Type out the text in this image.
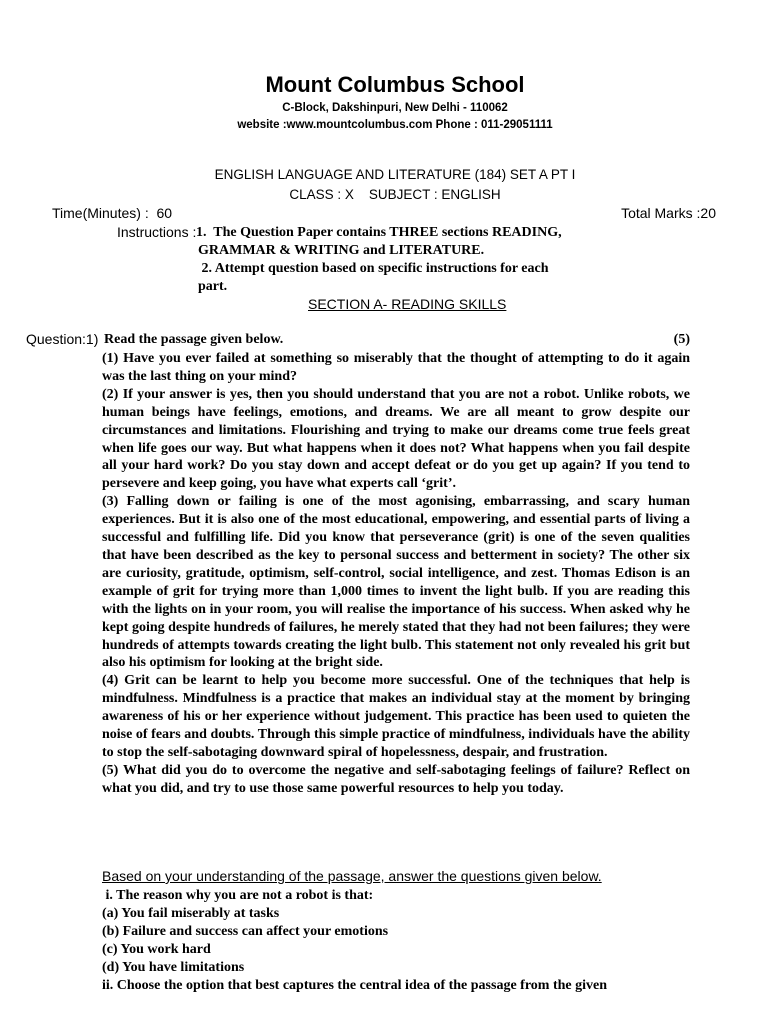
Mount Columbus School
C-Block, Dakshinpuri, New Delhi - 110062
website :www.mountcolumbus.com Phone : 011-29051111
ENGLISH LANGUAGE AND LITERATURE (184) SET A PT I
CLASS : X    SUBJECT : ENGLISH
Time(Minutes) :  60	Total Marks :20
Instructions : 1.  The Question Paper contains THREE sections READING,
GRAMMAR & WRITING and LITERATURE.
2. Attempt question based on specific instructions for each
part.
SECTION A- READING SKILLS
Question:1) Read the passage given below.	(5)

(1) Have you ever failed at something so miserably that the thought of attempting to do it again was the last thing on your mind?

(2) If your answer is yes, then you should understand that you are not a robot. Unlike robots, we human beings have feelings, emotions, and dreams. We are all meant to grow despite our circumstances and limitations. Flourishing and trying to make our dreams come true feels great when life goes our way. But what happens when it does not? What happens when you fail despite all your hard work? Do you stay down and accept defeat or do you get up again? If you tend to persevere and keep going, you have what experts call ‘grit’.

(3) Falling down or failing is one of the most agonising, embarrassing, and scary human experiences. But it is also one of the most educational, empowering, and essential parts of living a successful and fulfilling life. Did you know that perseverance (grit) is one of the seven qualities that have been described as the key to personal success and betterment in society? The other six are curiosity, gratitude, optimism, self-control, social intelligence, and zest. Thomas Edison is an example of grit for trying more than 1,000 times to invent the light bulb. If you are reading this with the lights on in your room, you will realise the importance of his success. When asked why he kept going despite hundreds of failures, he merely stated that they had not been failures; they were hundreds of attempts towards creating the light bulb. This statement not only revealed his grit but also his optimism for looking at the bright side.

(4) Grit can be learnt to help you become more successful. One of the techniques that help is mindfulness. Mindfulness is a practice that makes an individual stay at the moment by bringing awareness of his or her experience without judgement. This practice has been used to quieten the noise of fears and doubts. Through this simple practice of mindfulness, individuals have the ability to stop the self-sabotaging downward spiral of hopelessness, despair, and frustration.

(5) What did you do to overcome the negative and self-sabotaging feelings of failure? Reflect on what you did, and try to use those same powerful resources to help you today.

Based on your understanding of the passage, answer the questions given below.
i. The reason why you are not a robot is that:
(a) You fail miserably at tasks
(b) Failure and success can affect your emotions
(c) You work hard
(d) You have limitations
ii. Choose the option that best captures the central idea of the passage from the given
